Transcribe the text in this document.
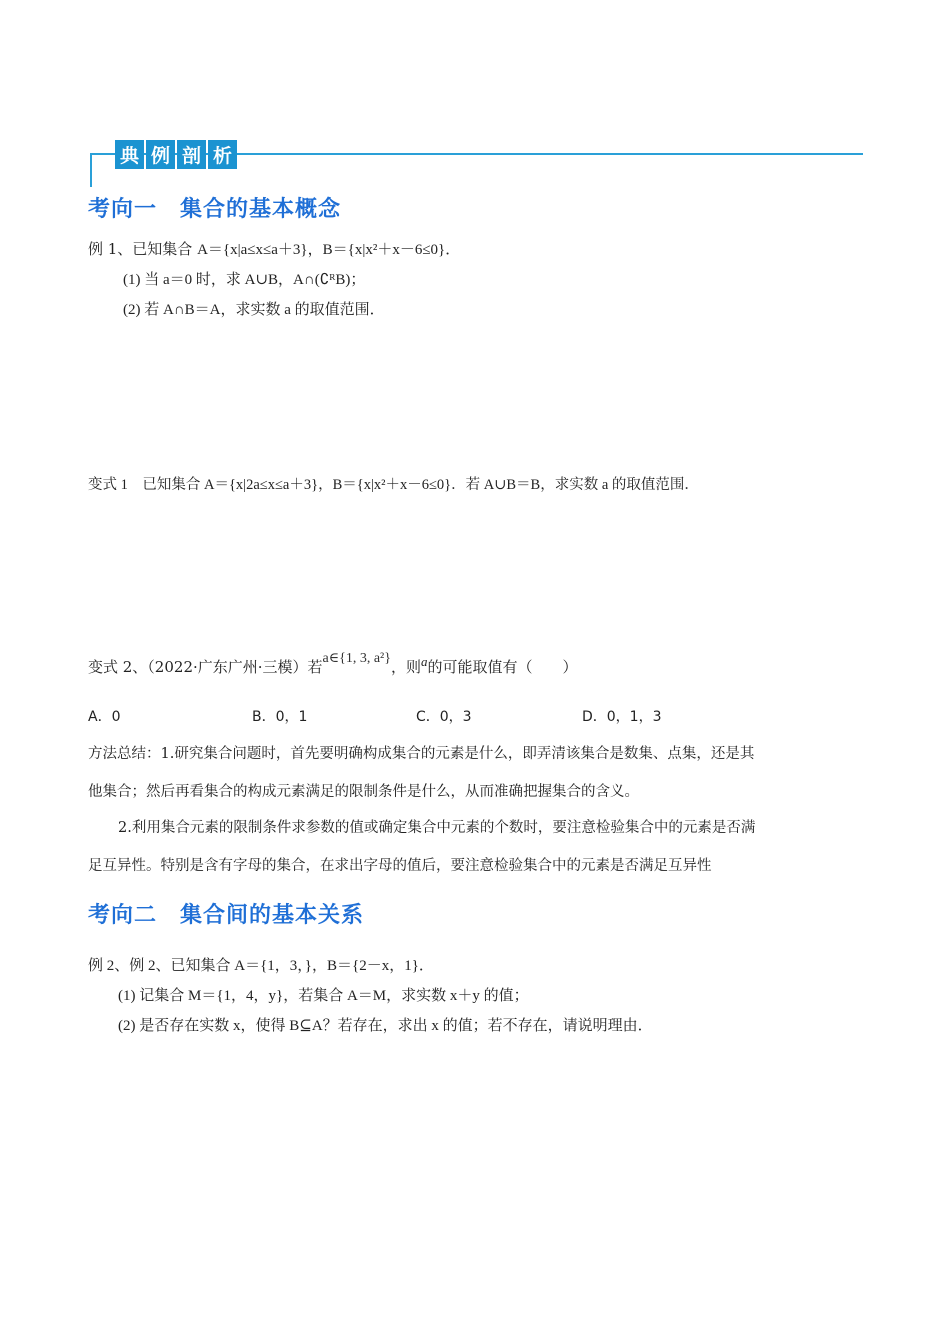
典 例 剖 析
考向一　集合的基本概念
例 1、已知集合 A＝{x|a≤x≤a＋3}，B＝{x|x²＋x－6≤0}．
(1) 当 a＝0 时，求 A∪B，A∩(∁ᴿB)；
(2) 若 A∩B＝A，求实数 a 的取值范围．
变式 1　已知集合 A＝{x|2a≤x≤a＋3}，B＝{x|x²＋x－6≤0}．若 A∪B＝B，求实数 a 的取值范围．
变式 2、（2022·广东广州·三模）若a∈{1, 3, a²}，则a的可能取值有（　　）
A．0	B．0，1	C．0，3	D．0，1，3
方法总结：1.研究集合问题时，首先要明确构成集合的元素是什么，即弄清该集合是数集、点集，还是其
他集合；然后再看集合的构成元素满足的限制条件是什么，从而准确把握集合的含义。
2.利用集合元素的限制条件求参数的值或确定集合中元素的个数时，要注意检验集合中的元素是否满
足互异性。特别是含有字母的集合，在求出字母的值后，要注意检验集合中的元素是否满足互异性
考向二　集合间的基本关系
例 2、例 2、已知集合 A＝{1，3，}，B＝{2－x，1}．
(1) 记集合 M＝{1，4，y}，若集合 A＝M，求实数 x＋y 的值；
(2) 是否存在实数 x，使得 B⊆A？若存在，求出 x 的值；若不存在，请说明理由．
